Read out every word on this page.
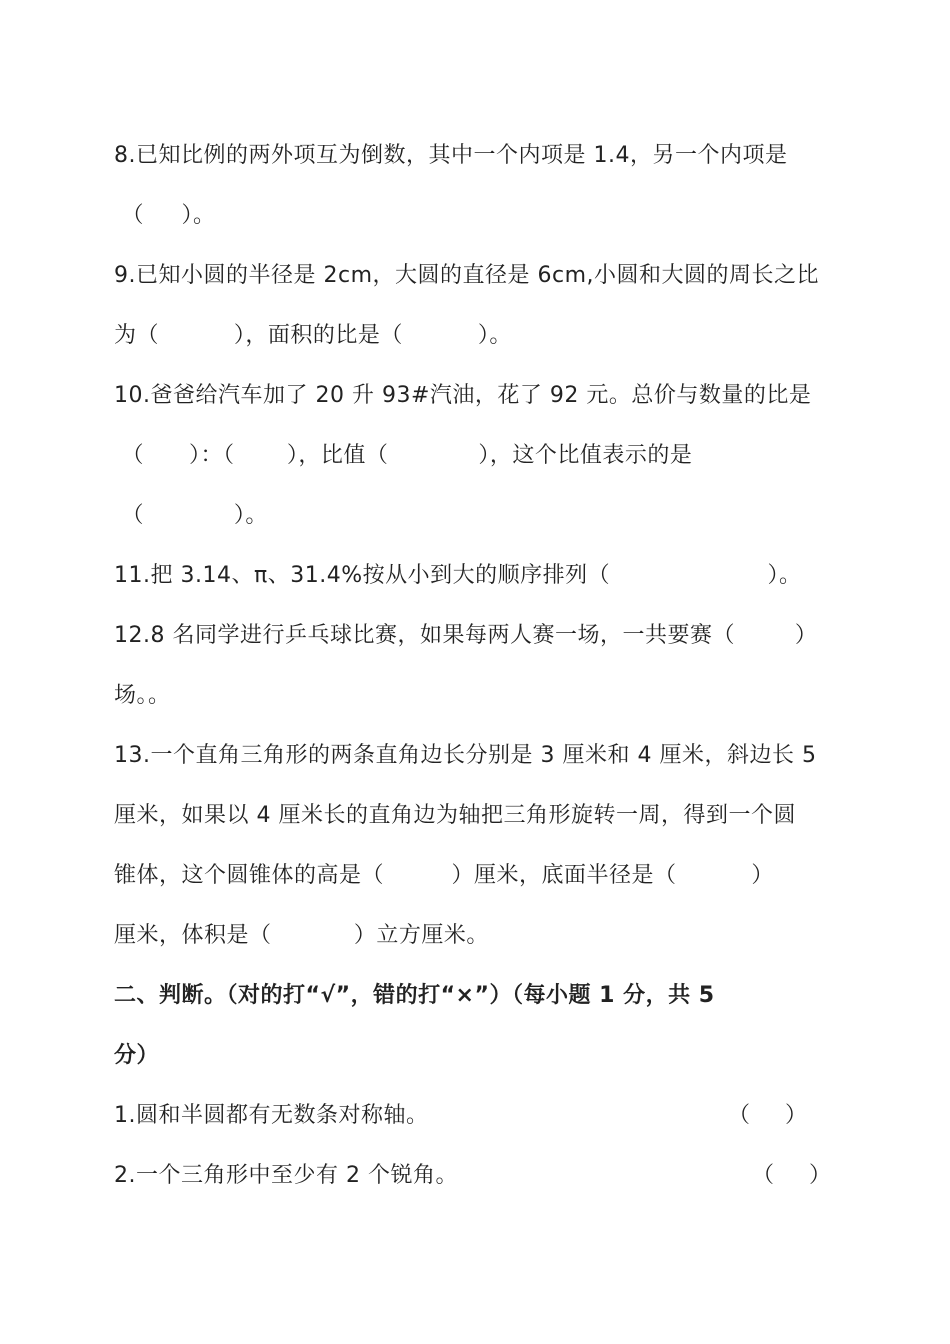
8.已知比例的两外项互为倒数，其中一个内项是 1.4，另一个内项是
（     ）。
9.已知小圆的半径是 2cm，大圆的直径是 6cm,小圆和大圆的周长之比
为（          ），面积的比是（          ）。
10.爸爸给汽车加了 20 升 93#汽油，花了 92 元。总价与数量的比是
（      ）：（       ），比值（            ），这个比值表示的是
（            ）。
11.把 3.14、π、31.4%按从小到大的顺序排列（                     ）。
12.8 名同学进行乒乓球比赛，如果每两人赛一场，一共要赛（        ）
场。。
13.一个直角三角形的两条直角边长分别是 3 厘米和 4 厘米，斜边长 5
厘米，如果以 4 厘米长的直角边为轴把三角形旋转一周，得到一个圆
锥体，这个圆锥体的高是（         ）厘米，底面半径是（          ）
厘米，体积是（           ）立方厘米。
二、判断。（对的打“√”，错的打“×”）（每小题 1 分，共 5
分）
1.圆和半圆都有无数条对称轴。	（     ）
2.一个三角形中至少有 2 个锐角。	（     ）
